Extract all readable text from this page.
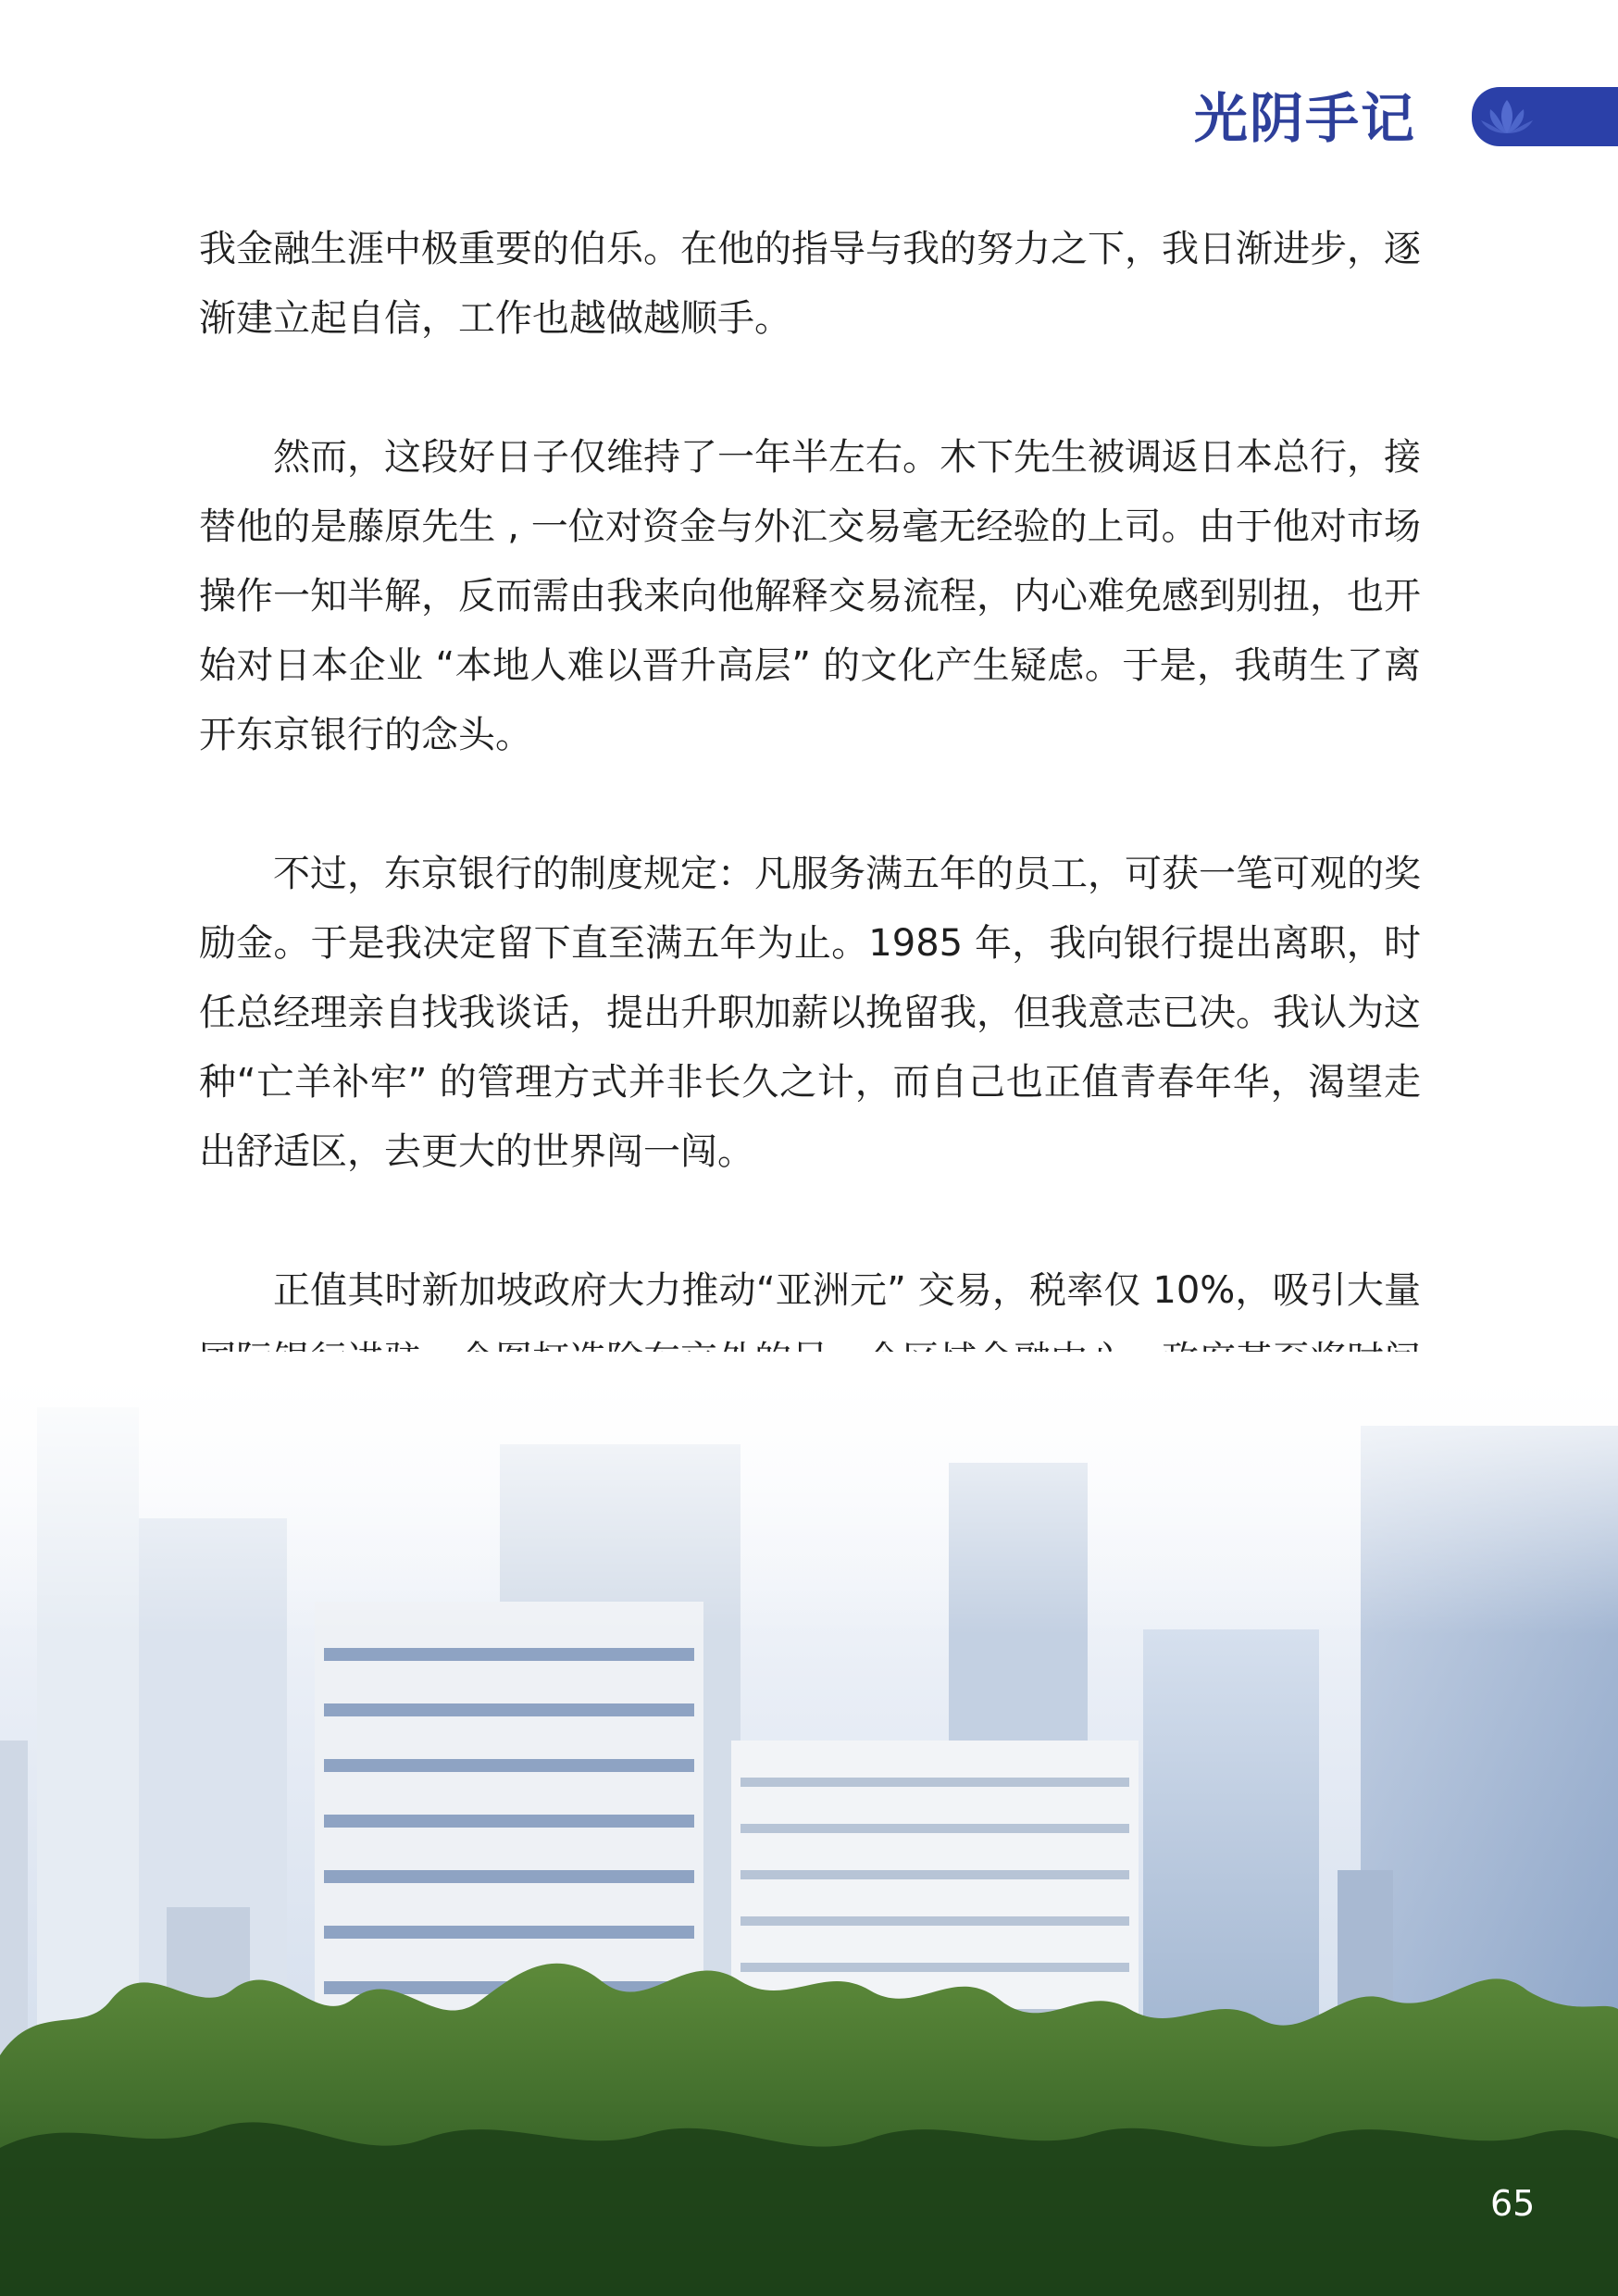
光阴手记

我金融生涯中极重要的伯乐。在他的指导与我的努力之下，我日渐进步，逐渐建立起自信，工作也越做越顺手。

然而，这段好日子仅维持了一年半左右。木下先生被调返日本总行，接替他的是藤原先生 , 一位对资金与外汇交易毫无经验的上司。由于他对市场操作一知半解，反而需由我来向他解释交易流程，内心难免感到别扭，也开始对日本企业 “本地人难以晋升高层” 的文化产生疑虑。于是，我萌生了离开东京银行的念头。

不过，东京银行的制度规定：凡服务满五年的员工，可获一笔可观的奖励金。于是我决定留下直至满五年为止。1985 年，我向银行提出离职，时任总经理亲自找我谈话，提出升职加薪以挽留我，但我意志已决。我认为这种“亡羊补牢” 的管理方式并非长久之计，而自己也正值青春年华，渴望走出舒适区，去更大的世界闯一闯。

正值其时新加坡政府大力推动“亚洲元” 交易，税率仅 10%，吸引大量

65
